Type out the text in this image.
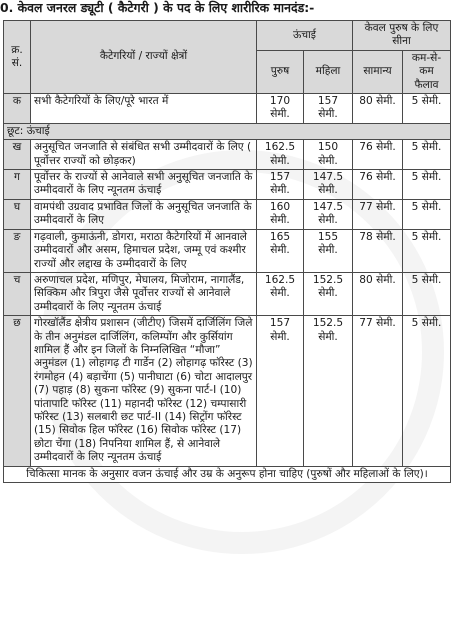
0. केवल जनरल ड्यूटी ( कैटेगरी ) के पद के लिए शारीरिक मानदंड:-
क्र. सं.	कैटेगरियों / राज्यों क्षेत्रों	ऊंचाई		केवल पुरुष के लिए सीना	
		पुरुष	महिला	सामान्य	कम-से-कम फैलाव
क	सभी कैटेगरियों के लिए/पूरे भारत में	170 सेमी.	157 सेमी.	80 सेमी.	5 सेमी.
छूट: ऊंचाई					
ख	अनुसूचित जनजाति से संबंधित सभी उम्मीदवारों के लिए ( पूर्वोत्तर राज्यों को छोड़कर)	162.5 सेमी.	150 सेमी.	76 सेमी.	5 सेमी.
ग	पूर्वोत्तर के राज्यों से आनेवाले सभी अनुसूचित जनजाति के उम्मीदवारों के लिए न्यूनतम ऊंचाई	157 सेमी.	147.5 सेमी.	76 सेमी.	5 सेमी.
घ	वामपंथी उग्रवाद प्रभावित जिलों के अनुसूचित जनजाति के उम्मीदवारों के लिए	160 सेमी.	147.5 सेमी.	77 सेमी.	5 सेमी.
ङ	गढ़वाली, कुमाऊंनी, डोगरा, मराठा कैटेगरियों में आनवाले उम्मीदवारों और असम, हिमाचल प्रदेश, जम्मू एवं कश्मीर राज्यों और लद्दाख के उम्मीदवारों के लिए	165 सेमी.	155 सेमी.	78 सेमी.	5 सेमी.
च	अरुणाचल प्रदेश, मणिपुर, मेघालय, मिजोराम, नागालैंड, सिक्किम और त्रिपुरा जैसे पूर्वोत्तर राज्यों से आनेवाले उम्मीदवारों के लिए न्यूनतम ऊंचाई	162.5 सेमी.	152.5 सेमी.	80 सेमी.	5 सेमी.
छ	गोरखॉलैंड क्षेत्रीय प्रशासन (जीटीए) जिसमें दार्जिलिंग जिले के तीन अनुमंडल दार्जिलिंग, कलिम्पोंग और कुर्सियांग शामिल हैं और इन जिलों के निम्नलिखित “मौजा” अनुमंडल (1) लोहागढ़ टी गार्डेन (2) लोहागढ़ फॉरेस्ट (3) रंगमोहन (4) बड़ाचेंगा (5) पानीघाटा (6) चोटा आदालपुर (7) पहाड़ (8) सुकना फॉरेस्ट (9) सुकना पार्ट-I (10) पांतापाटि फॉरेस्ट (11) महानदी फॉरेस्ट (12) चम्पासारी फॉरेस्ट (13) सलबारी छट पार्ट-II (14) सिट्रोंग फॉरेस्ट (15) सिवोक हिल फॉरेस्ट (16) सिवोक फॉरेस्ट (17) छोटा चेंगा (18) निपनिया शामिल हैं, से आनेवाले उम्मीदवारों के लिए न्यूनतम ऊंचाई	157 सेमी.	152.5 सेमी.	77 सेमी.	5 सेमी.
चिकित्सा मानक के अनुसार वजन ऊंचाई और उम्र के अनुरूप होना चाहिए (पुरुषों और महिलाओं के लिए)।					
